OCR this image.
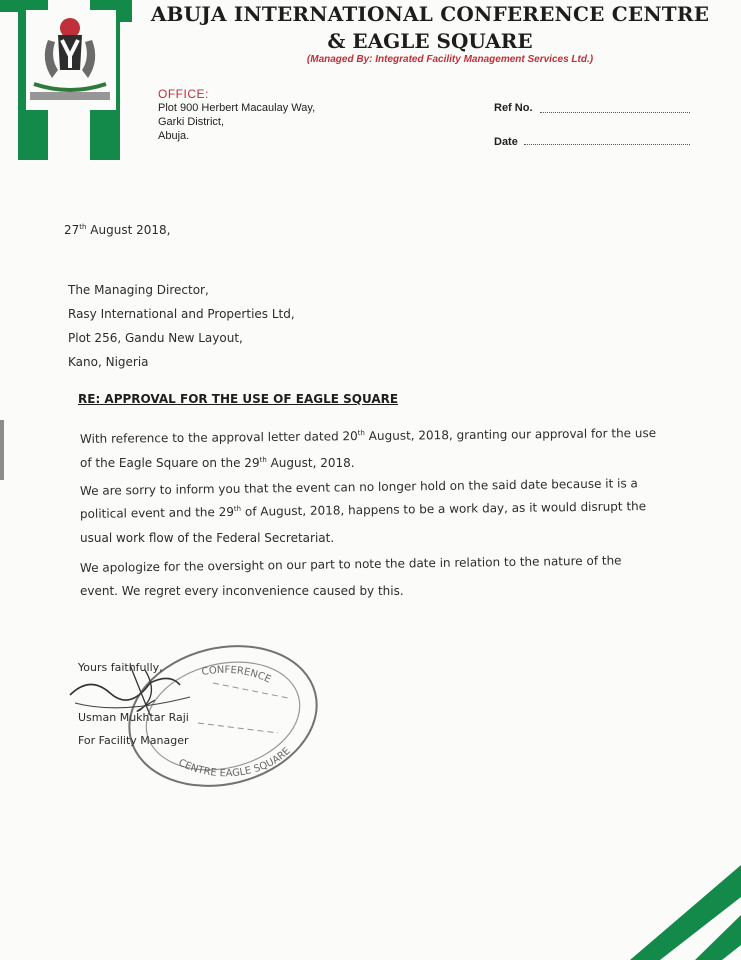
ABUJA INTERNATIONAL CONFERENCE CENTRE
& EAGLE SQUARE
(Managed By: Integrated Facility Management Services Ltd.)
OFFICE:
Plot 900 Herbert Macaulay Way,
Garki District,
Abuja.
Ref No.
Date
27th August 2018,
The Managing Director,
Rasy International and Properties Ltd,
Plot 256, Gandu New Layout,
Kano, Nigeria
RE: APPROVAL FOR THE USE OF EAGLE SQUARE
With reference to the approval letter dated 20th August, 2018, granting our approval for the use
of the Eagle Square on the 29th August, 2018.
We are sorry to inform you that the event can no longer hold on the said date because it is a
political event and the 29th of August, 2018, happens to be a work day, as it would disrupt the
usual work flow of the Federal Secretariat.
We apologize for the oversight on our part to note the date in relation to the nature of the
event. We regret every inconvenience caused by this.
Yours faithfully,
Usman Mukhtar Raji
For Facility Manager
CONFERENCE
CENTRE EAGLE SQUARE
